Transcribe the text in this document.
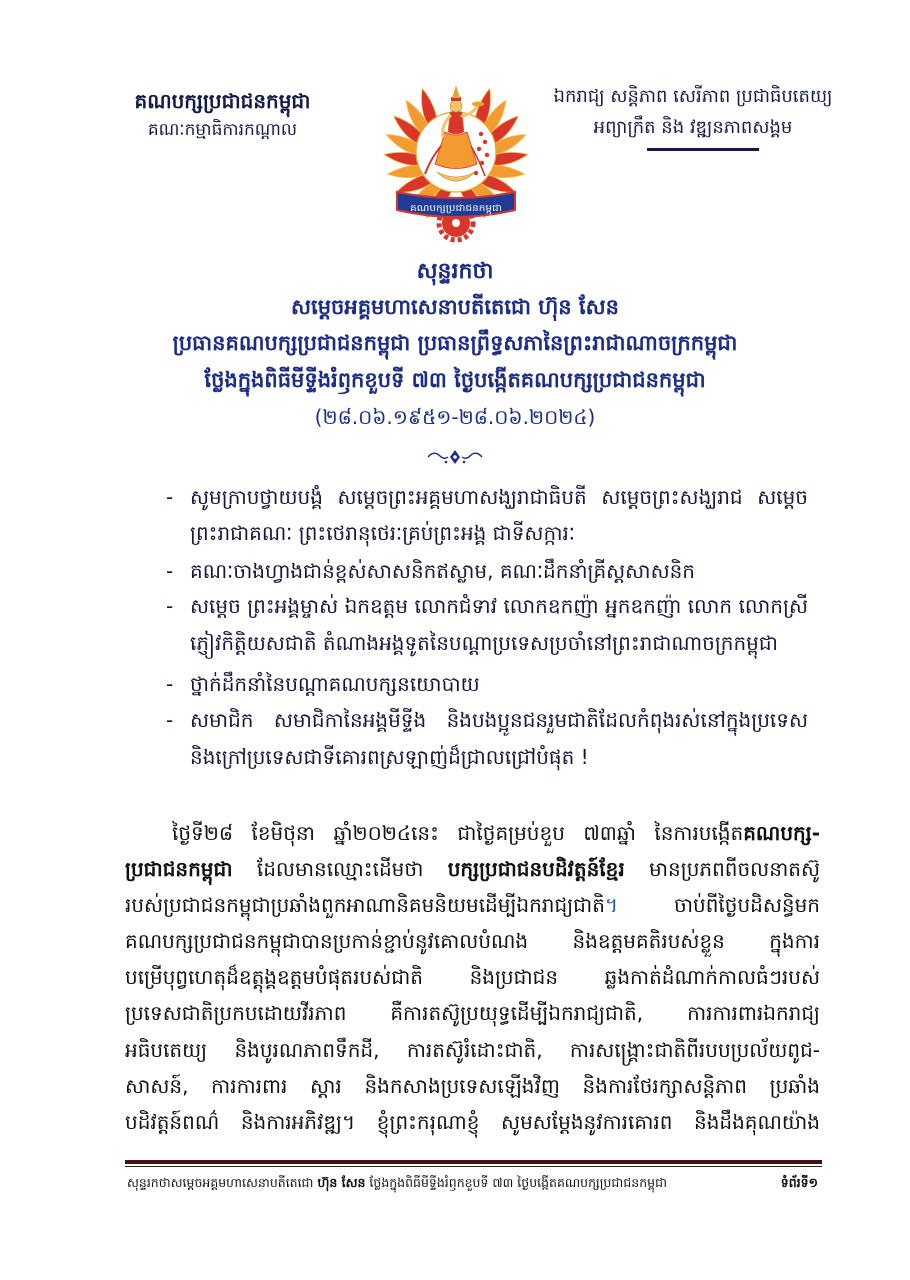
គណបក្សប្រជាជនកម្ពុជា
គណៈកម្មាធិការកណ្តាល
គណបក្សប្រជាជនកម្ពុជា
ឯករាជ្យ សន្តិភាព សេរីភាព ប្រជាធិបតេយ្យ
អព្យាក្រឹត និង វឌ្ឍនភាពសង្គម
សុន្ទរកថា
សម្តេចអគ្គមហាសេនាបតីតេជោ ហ៊ុន សែន
ប្រធានគណបក្សប្រជាជនកម្ពុជា ប្រធានព្រឹទ្ធសភានៃព្រះរាជាណាចក្រកម្ពុជា
ថ្លែងក្នុងពិធីមីទ្ទីងរំឭកខួបទី ៧៣ ថ្ងៃបង្កើតគណបក្សប្រជាជនកម្ពុជា
(២៨.០៦.១៩៥១-២៨.០៦.២០២៤)
- សូមក្រាបថ្វាយបង្គំ សម្តេចព្រះអគ្គមហាសង្ឃរាជាធិបតី សម្តេចព្រះសង្ឃរាជ សម្តេច
ព្រះរាជាគណៈ ព្រះថេរានុថេរៈគ្រប់ព្រះអង្គ ជាទីសក្ការៈ
- គណៈចាងហ្វាងជាន់ខ្ពស់សាសនិកឥស្លាម, គណៈដឹកនាំគ្រីស្តសាសនិក
- សម្តេច ព្រះអង្គម្ចាស់ ឯកឧត្តម លោកជំទាវ លោកឧកញ៉ា អ្នកឧកញ៉ា លោក លោកស្រី
ភ្ញៀវកិត្តិយសជាតិ តំណាងអង្គទូតនៃបណ្តាប្រទេសប្រចាំនៅព្រះរាជាណាចក្រកម្ពុជា
- ថ្នាក់ដឹកនាំនៃបណ្តាគណបក្សនយោបាយ
- សមាជិក សមាជិកានៃអង្គមីទ្ទីង និងបងប្អូនជនរួមជាតិដែលកំពុងរស់នៅក្នុងប្រទេស
និងក្រៅប្រទេសជាទីគោរពស្រឡាញ់ដ៏ជ្រាលជ្រៅបំផុត !
ថ្ងៃទី២៨ ខែមិថុនា ឆ្នាំ២០២៤នេះ ជាថ្ងៃគម្រប់ខួប ៧៣ឆ្នាំ នៃការបង្កើតគណបក្ស-
ប្រជាជនកម្ពុជា ដែលមានឈ្មោះដើមថា បក្សប្រជាជនបដិវត្តន៍ខ្មែរ មានប្រភពពីចលនាតស៊ូ
របស់ប្រជាជនកម្ពុជាប្រឆាំងពួកអាណានិគមនិយមដើម្បីឯករាជ្យជាតិ។ ចាប់ពីថ្ងៃបដិសន្ធិមក
គណបក្សប្រជាជនកម្ពុជាបានប្រកាន់ខ្ជាប់នូវគោលបំណង និងឧត្តមគតិរបស់ខ្លួន ក្នុងការ
បម្រើបុព្វហេតុដ៏ឧត្តុង្គឧត្តមបំផុតរបស់ជាតិ និងប្រជាជន ឆ្លងកាត់ដំណាក់កាលធំៗរបស់
ប្រទេសជាតិប្រកបដោយវីរភាព គឺការតស៊ូប្រយុទ្ធដើម្បីឯករាជ្យជាតិ, ការការពារឯករាជ្យ
អធិបតេយ្យ និងបូរណភាពទឹកដី, ការតស៊ូរំដោះជាតិ, ការសង្គ្រោះជាតិពីរបបប្រល័យពូជ-
សាសន៍, ការការពារ ស្តារ និងកសាងប្រទេសឡើងវិញ និងការថែរក្សាសន្តិភាព ប្រឆាំង
បដិវត្តន៍ពណ៌ និងការអភិវឌ្ឍ។ ខ្ញុំព្រះករុណាខ្ញុំ សូមសម្តែងនូវការគោរព និងដឹងគុណយ៉ាង
សុន្ទរកថាសម្តេចអគ្គមហាសេនាបតីតេជោ ហ៊ុន សែន ថ្លែងក្នុងពិធីមីទ្ទីងរំឭកខួបទី ៧៣ ថ្ងៃបង្កើតគណបក្សប្រជាជនកម្ពុជា	ទំព័រទី១
